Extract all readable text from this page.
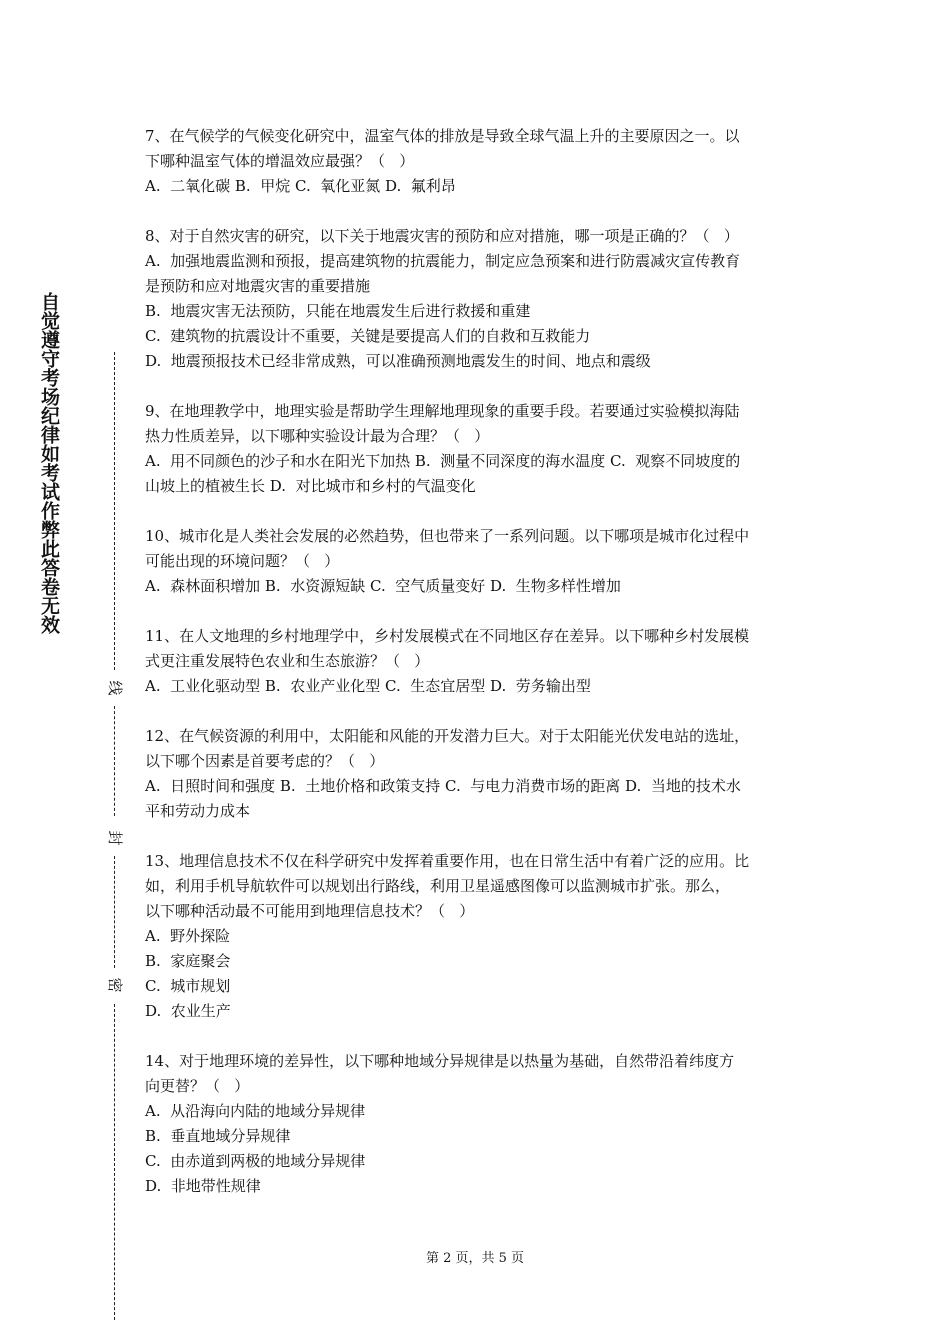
自觉遵守考场纪律如考试作弊此答卷无效
线
封
密
7、在气候学的气候变化研究中，温室气体的排放是导致全球气温上升的主要原因之一。以
下哪种温室气体的增温效应最强？（   ）
A.  二氧化碳 B.  甲烷 C.  氧化亚氮 D.  氟利昂
8、对于自然灾害的研究，以下关于地震灾害的预防和应对措施，哪一项是正确的？（   ）
A.  加强地震监测和预报，提高建筑物的抗震能力，制定应急预案和进行防震减灾宣传教育
是预防和应对地震灾害的重要措施
B.  地震灾害无法预防，只能在地震发生后进行救援和重建
C.  建筑物的抗震设计不重要，关键是要提高人们的自救和互救能力
D.  地震预报技术已经非常成熟，可以准确预测地震发生的时间、地点和震级
9、在地理教学中，地理实验是帮助学生理解地理现象的重要手段。若要通过实验模拟海陆
热力性质差异，以下哪种实验设计最为合理？（   ）
A.  用不同颜色的沙子和水在阳光下加热 B.  测量不同深度的海水温度 C.  观察不同坡度的
山坡上的植被生长 D.  对比城市和乡村的气温变化
10、城市化是人类社会发展的必然趋势，但也带来了一系列问题。以下哪项是城市化过程中
可能出现的环境问题？（   ）
A.  森林面积增加 B.  水资源短缺 C.  空气质量变好 D.  生物多样性增加
11、在人文地理的乡村地理学中，乡村发展模式在不同地区存在差异。以下哪种乡村发展模
式更注重发展特色农业和生态旅游？（   ）
A.  工业化驱动型 B.  农业产业化型 C.  生态宜居型 D.  劳务输出型
12、在气候资源的利用中，太阳能和风能的开发潜力巨大。对于太阳能光伏发电站的选址，
以下哪个因素是首要考虑的？（   ）
A.  日照时间和强度 B.  土地价格和政策支持 C.  与电力消费市场的距离 D.  当地的技术水
平和劳动力成本
13、地理信息技术不仅在科学研究中发挥着重要作用，也在日常生活中有着广泛的应用。比
如，利用手机导航软件可以规划出行路线，利用卫星遥感图像可以监测城市扩张。那么，
以下哪种活动最不可能用到地理信息技术？（   ）
A.  野外探险
B.  家庭聚会
C.  城市规划
D.  农业生产
14、对于地理环境的差异性，以下哪种地域分异规律是以热量为基础，自然带沿着纬度方
向更替？（   ）
A.  从沿海向内陆的地域分异规律
B.  垂直地域分异规律
C.  由赤道到两极的地域分异规律
D.  非地带性规律
第 2 页，共 5 页
